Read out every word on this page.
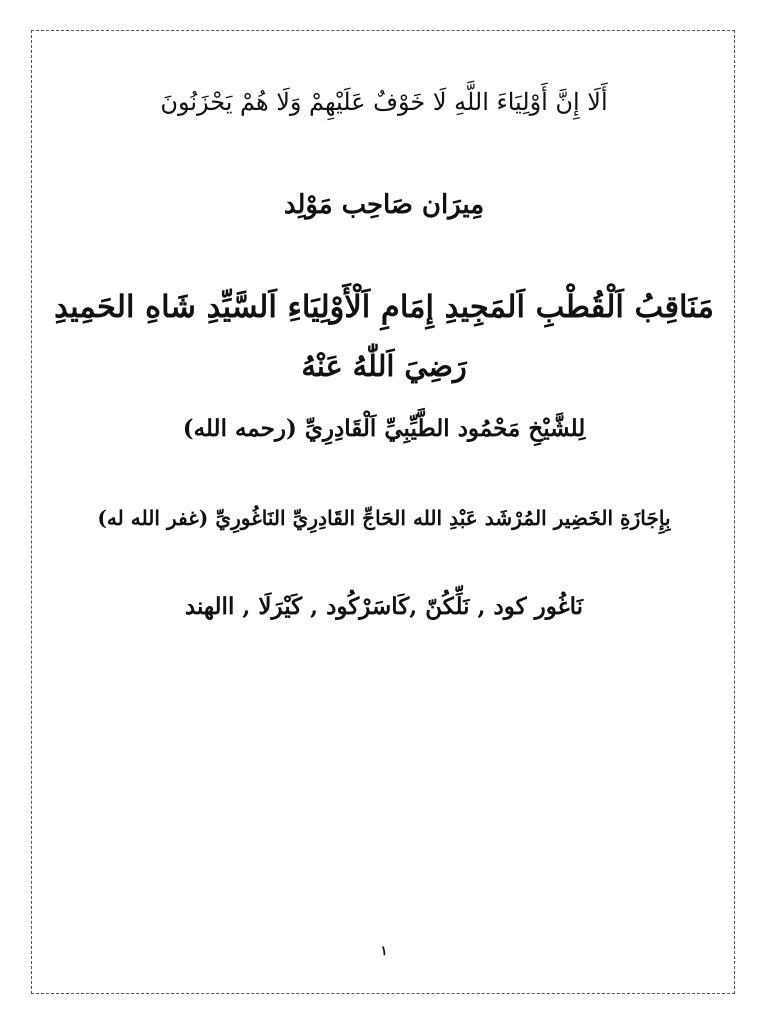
أَلَا إِنَّ أَوْلِيَاءَ اللَّهِ لَا خَوْفٌ عَلَيْهِمْ وَلَا هُمْ يَحْزَنُونَ
مِيرَان صَاحِب مَوْلِد
مَنَاقِبُ اَلْقُطْبِ اَلمَجِيدِ إِمَامِ اَلْأَوْلِيَاءِ اَلسَّيِّدِ شَاهِ الحَمِيدِ
رَضِيَ اَللّٰهُ عَنْهُ
لِلشَّيْخِ مَحْمُود الطَّيِّبِيِّ اَلْقَادِرِيِّ (رحمه الله)
بِإِجَازَةِ الخَضِير المُرْشَد عَبْدِ الله الحَاجِّ القَادِرِيِّ النَاغُورِيِّ (غفر الله له)
نَاغُور كود , نَلِّكُنّ ,كَاسَرْكُود , كَيْرَلَا , االهند
١
